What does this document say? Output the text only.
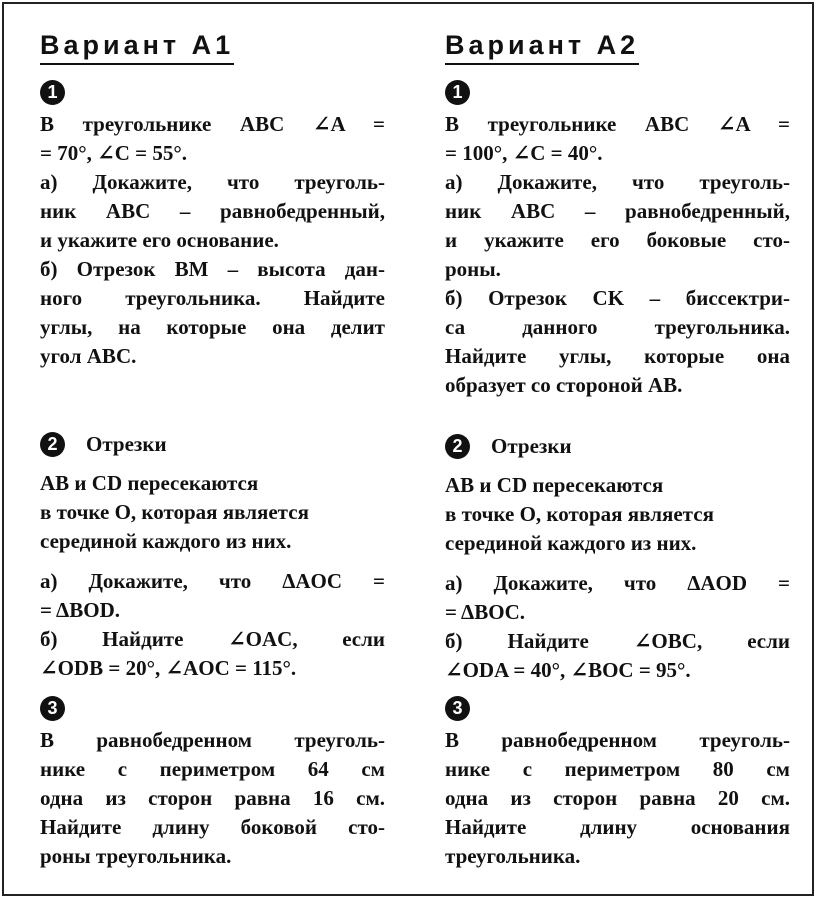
Вариант А1
1
В треугольнике ABC ∠A =
= 70°, ∠C = 55°.
а) Докажите, что треуголь-
ник ABC – равнобедренный,
и укажите его основание.
б) Отрезок BM – высота дан-
ного треугольника. Найдите
углы, на которые она делит
угол ABC.
2	Отрезки
AB и CD пересекаются
в точке O, которая является
серединой каждого из них.
а) Докажите, что ΔAOC =
= ΔBOD.
б) Найдите ∠OAC, если
∠ODB = 20°, ∠AOC = 115°.
3
В равнобедренном треуголь-
нике с периметром 64 см
одна из сторон равна 16 см.
Найдите длину боковой сто-
роны треугольника.
Вариант А2
1
В треугольнике ABC ∠A =
= 100°, ∠C = 40°.
а) Докажите, что треуголь-
ник ABC – равнобедренный,
и укажите его боковые сто-
роны.
б) Отрезок CK – биссектри-
са данного треугольника.
Найдите углы, которые она
образует со стороной AB.
2	Отрезки
AB и CD пересекаются
в точке O, которая является
серединой каждого из них.
а) Докажите, что ΔAOD =
= ΔBOC.
б) Найдите ∠OBC, если
∠ODA = 40°, ∠BOC = 95°.
3
В равнобедренном треуголь-
нике с периметром 80 см
одна из сторон равна 20 см.
Найдите длину основания
треугольника.
